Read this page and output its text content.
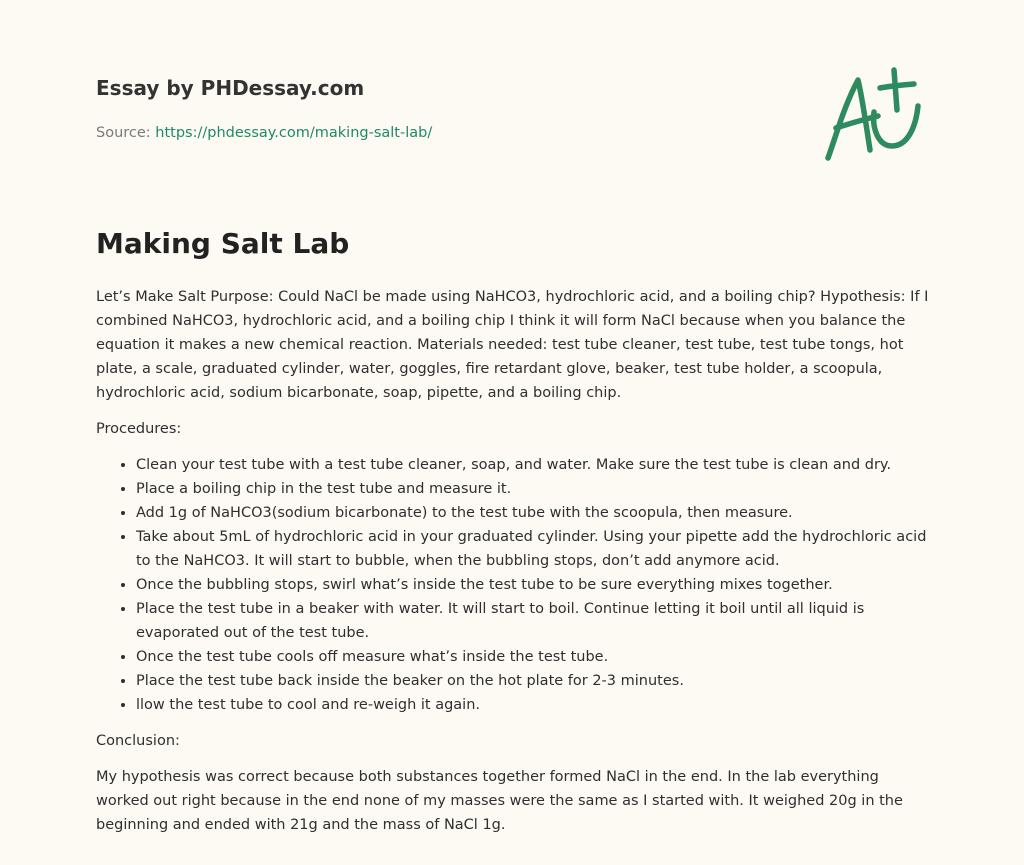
Essay by PHDessay.com
Source: https://phdessay.com/making-salt-lab/
Making Salt Lab

Let’s Make Salt Purpose: Could NaCl be made using NaHCO3, hydrochloric acid, and a boiling chip? Hypothesis: If I combined NaHCO3, hydrochloric acid, and a boiling chip I think it will form NaCl because when you balance the equation it makes a new chemical reaction. Materials needed: test tube cleaner, test tube, test tube tongs, hot plate, a scale, graduated cylinder, water, goggles, fire retardant glove, beaker, test tube holder, a scoopula, hydrochloric acid, sodium bicarbonate, soap, pipette, and a boiling chip.

Procedures:

• Clean your test tube with a test tube cleaner, soap, and water. Make sure the test tube is clean and dry.
• Place a boiling chip in the test tube and measure it.
• Add 1g of NaHCO3(sodium bicarbonate) to the test tube with the scoopula, then measure.
• Take about 5mL of hydrochloric acid in your graduated cylinder. Using your pipette add the hydrochloric acid to the NaHCO3. It will start to bubble, when the bubbling stops, don’t add anymore acid.
• Once the bubbling stops, swirl what’s inside the test tube to be sure everything mixes together.
• Place the test tube in a beaker with water. It will start to boil. Continue letting it boil until all liquid is evaporated out of the test tube.
• Once the test tube cools off measure what’s inside the test tube.
• Place the test tube back inside the beaker on the hot plate for 2-3 minutes.
• llow the test tube to cool and re-weigh it again.

Conclusion:

My hypothesis was correct because both substances together formed NaCl in the end. In the lab everything worked out right because in the end none of my masses were the same as I started with. It weighed 20g in the beginning and ended with 21g and the mass of NaCl 1g.
